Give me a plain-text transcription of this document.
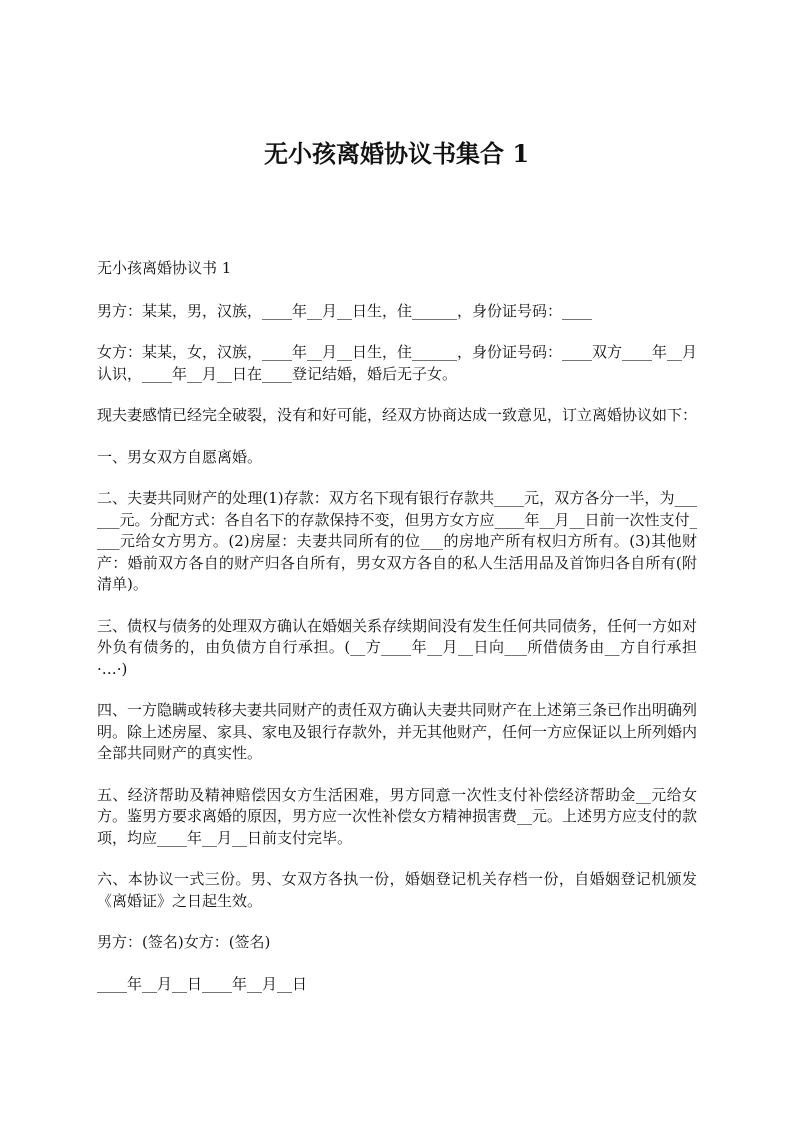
无小孩离婚协议书集合 1

无小孩离婚协议书 1

男方：某某，男，汉族，____年__月__日生，住______，身份证号码：____

女方：某某，女，汉族，____年__月__日生，住______，身份证号码：____双方____年__月认识，____年__月__日在____登记结婚，婚后无子女。

现夫妻感情已经完全破裂，没有和好可能，经双方协商达成一致意见，订立离婚协议如下：

一、男女双方自愿离婚。

二、夫妻共同财产的处理(1)存款：双方名下现有银行存款共____元，双方各分一半，为______元。分配方式：各自名下的存款保持不变，但男方女方应____年__月__日前一次性支付____元给女方男方。(2)房屋：夫妻共同所有的位___的房地产所有权归方所有。(3)其他财产：婚前双方各自的财产归各自所有，男女双方各自的私人生活用品及首饰归各自所有(附清单)。

三、债权与债务的处理双方确认在婚姻关系存续期间没有发生任何共同债务，任何一方如对外负有债务的，由负债方自行承担。(__方____年__月__日向___所借债务由__方自行承担·…·)

四、一方隐瞒或转移夫妻共同财产的责任双方确认夫妻共同财产在上述第三条已作出明确列明。除上述房屋、家具、家电及银行存款外，并无其他财产，任何一方应保证以上所列婚内全部共同财产的真实性。

五、经济帮助及精神赔偿因女方生活困难，男方同意一次性支付补偿经济帮助金__元给女方。鉴男方要求离婚的原因，男方应一次性补偿女方精神损害费__元。上述男方应支付的款项，均应____年__月__日前支付完毕。

六、本协议一式三份。男、女双方各执一份，婚姻登记机关存档一份，自婚姻登记机颁发《离婚证》之日起生效。

男方：(签名)女方：(签名)

____年__月__日____年__月__日
